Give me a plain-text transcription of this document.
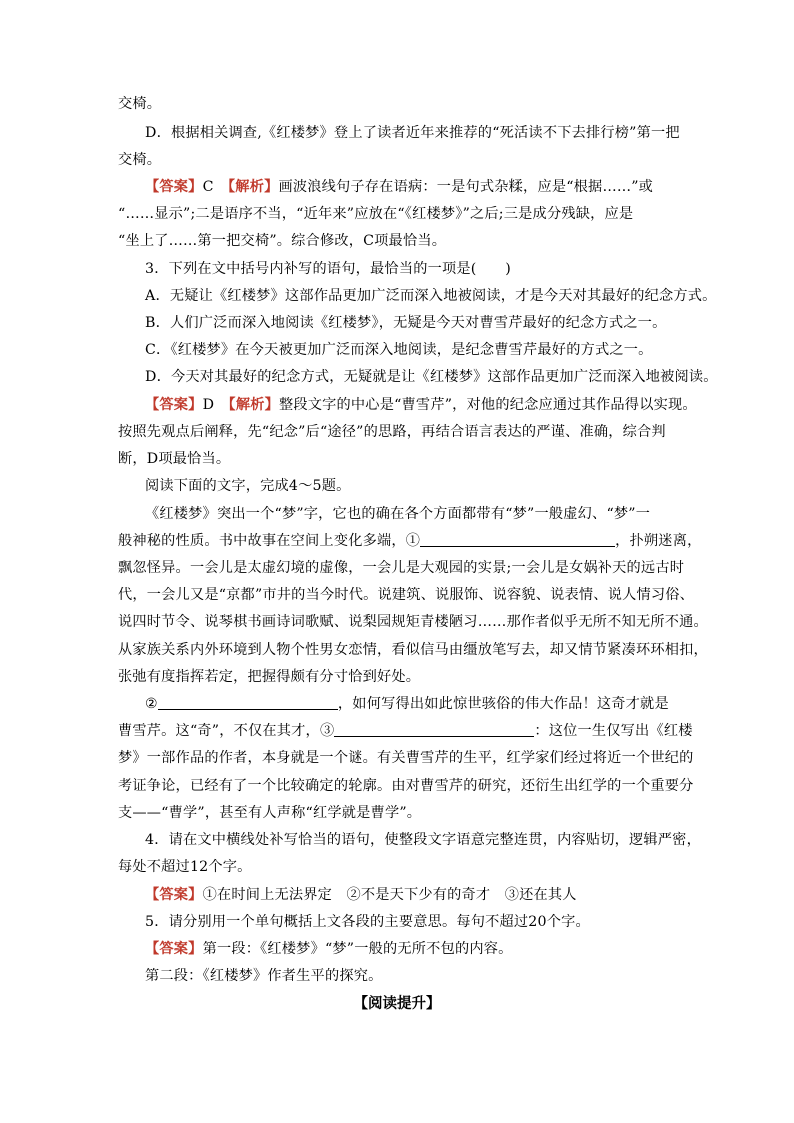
交椅。
D．根据相关调查,《红楼梦》登上了读者近年来推荐的“死活读不下去排行榜”第一把
交椅。
【答案】C　【解析】画波浪线句子存在语病：一是句式杂糅，应是“根据……”或
“……显示”;二是语序不当，“近年来”应放在“《红楼梦》”之后;三是成分残缺，应是
“坐上了……第一把交椅”。综合修改，C项最恰当。
3．下列在文中括号内补写的语句，最恰当的一项是(　　)
A．无疑让《红楼梦》这部作品更加广泛而深入地被阅读，才是今天对其最好的纪念方式。
B．人们广泛而深入地阅读《红楼梦》，无疑是今天对曹雪芹最好的纪念方式之一。
C．《红楼梦》在今天被更加广泛而深入地阅读，是纪念曹雪芹最好的方式之一。
D．今天对其最好的纪念方式，无疑就是让《红楼梦》这部作品更加广泛而深入地被阅读。
【答案】D　【解析】整段文字的中心是“曹雪芹”，对他的纪念应通过其作品得以实现。
按照先观点后阐释，先“纪念”后“途径”的思路，再结合语言表达的严谨、准确，综合判
断，D项最恰当。
阅读下面的文字，完成4～5题。
《红楼梦》突出一个“梦”字，它也的确在各个方面都带有“梦”一般虚幻、“梦”一
般神秘的性质。书中故事在空间上变化多端，①	，扑朔迷离，
飘忽怪异。一会儿是太虚幻境的虚像，一会儿是大观园的实景;一会儿是女娲补天的远古时
代，一会儿又是“京都”市井的当今时代。说建筑、说服饰、说容貌、说表情、说人情习俗、
说四时节令、说琴棋书画诗词歌赋、说梨园规矩青楼陋习……那作者似乎无所不知无所不通。
从家族关系内外环境到人物个性男女恋情，看似信马由缰放笔写去，却又情节紧凑环环相扣，
张弛有度指挥若定，把握得颇有分寸恰到好处。
②	，如何写得出如此惊世骇俗的伟大作品！这奇才就是
曹雪芹。这“奇”，不仅在其才，③	：这位一生仅写出《红楼
梦》一部作品的作者，本身就是一个谜。有关曹雪芹的生平，红学家们经过将近一个世纪的
考证争论，已经有了一个比较确定的轮廓。由对曹雪芹的研究，还衍生出红学的一个重要分
支——“曹学”，甚至有人声称“红学就是曹学”。
4．请在文中横线处补写恰当的语句，使整段文字语意完整连贯，内容贴切，逻辑严密，
每处不超过12个字。
【答案】①在时间上无法界定　②不是天下少有的奇才　③还在其人
5．请分别用一个单句概括上文各段的主要意思。每句不超过20个字。
【答案】第一段：《红楼梦》“梦”一般的无所不包的内容。
第二段：《红楼梦》作者生平的探究。
【阅读提升】
